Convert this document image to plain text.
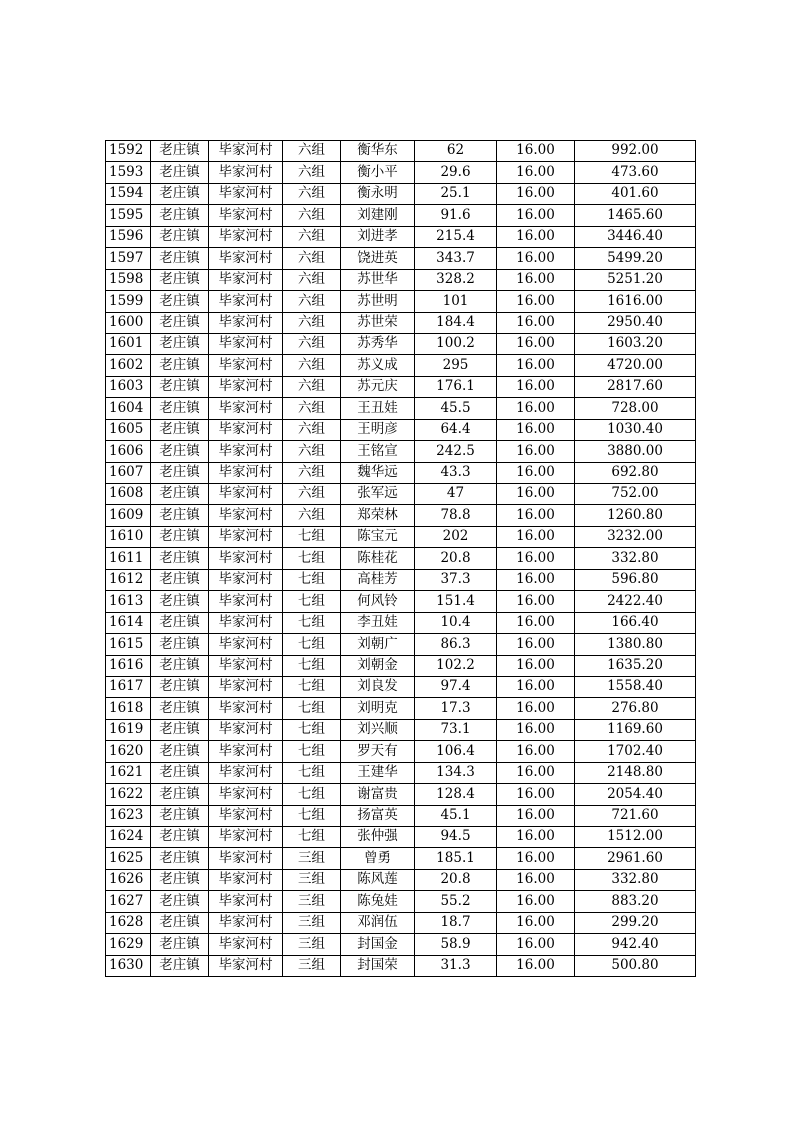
1592	老庄镇	毕家河村	六组	衡华东	62	16.00	992.00
1593	老庄镇	毕家河村	六组	衡小平	29.6	16.00	473.60
1594	老庄镇	毕家河村	六组	衡永明	25.1	16.00	401.60
1595	老庄镇	毕家河村	六组	刘建刚	91.6	16.00	1465.60
1596	老庄镇	毕家河村	六组	刘进孝	215.4	16.00	3446.40
1597	老庄镇	毕家河村	六组	饶进英	343.7	16.00	5499.20
1598	老庄镇	毕家河村	六组	苏世华	328.2	16.00	5251.20
1599	老庄镇	毕家河村	六组	苏世明	101	16.00	1616.00
1600	老庄镇	毕家河村	六组	苏世荣	184.4	16.00	2950.40
1601	老庄镇	毕家河村	六组	苏秀华	100.2	16.00	1603.20
1602	老庄镇	毕家河村	六组	苏义成	295	16.00	4720.00
1603	老庄镇	毕家河村	六组	苏元庆	176.1	16.00	2817.60
1604	老庄镇	毕家河村	六组	王丑娃	45.5	16.00	728.00
1605	老庄镇	毕家河村	六组	王明彦	64.4	16.00	1030.40
1606	老庄镇	毕家河村	六组	王铭宣	242.5	16.00	3880.00
1607	老庄镇	毕家河村	六组	魏华远	43.3	16.00	692.80
1608	老庄镇	毕家河村	六组	张军远	47	16.00	752.00
1609	老庄镇	毕家河村	六组	郑荣林	78.8	16.00	1260.80
1610	老庄镇	毕家河村	七组	陈宝元	202	16.00	3232.00
1611	老庄镇	毕家河村	七组	陈桂花	20.8	16.00	332.80
1612	老庄镇	毕家河村	七组	高桂芳	37.3	16.00	596.80
1613	老庄镇	毕家河村	七组	何风铃	151.4	16.00	2422.40
1614	老庄镇	毕家河村	七组	李丑娃	10.4	16.00	166.40
1615	老庄镇	毕家河村	七组	刘朝广	86.3	16.00	1380.80
1616	老庄镇	毕家河村	七组	刘朝金	102.2	16.00	1635.20
1617	老庄镇	毕家河村	七组	刘良发	97.4	16.00	1558.40
1618	老庄镇	毕家河村	七组	刘明克	17.3	16.00	276.80
1619	老庄镇	毕家河村	七组	刘兴顺	73.1	16.00	1169.60
1620	老庄镇	毕家河村	七组	罗天有	106.4	16.00	1702.40
1621	老庄镇	毕家河村	七组	王建华	134.3	16.00	2148.80
1622	老庄镇	毕家河村	七组	谢富贵	128.4	16.00	2054.40
1623	老庄镇	毕家河村	七组	扬富英	45.1	16.00	721.60
1624	老庄镇	毕家河村	七组	张仲强	94.5	16.00	1512.00
1625	老庄镇	毕家河村	三组	曾勇	185.1	16.00	2961.60
1626	老庄镇	毕家河村	三组	陈风莲	20.8	16.00	332.80
1627	老庄镇	毕家河村	三组	陈兔娃	55.2	16.00	883.20
1628	老庄镇	毕家河村	三组	邓润伍	18.7	16.00	299.20
1629	老庄镇	毕家河村	三组	封国金	58.9	16.00	942.40
1630	老庄镇	毕家河村	三组	封国荣	31.3	16.00	500.80
